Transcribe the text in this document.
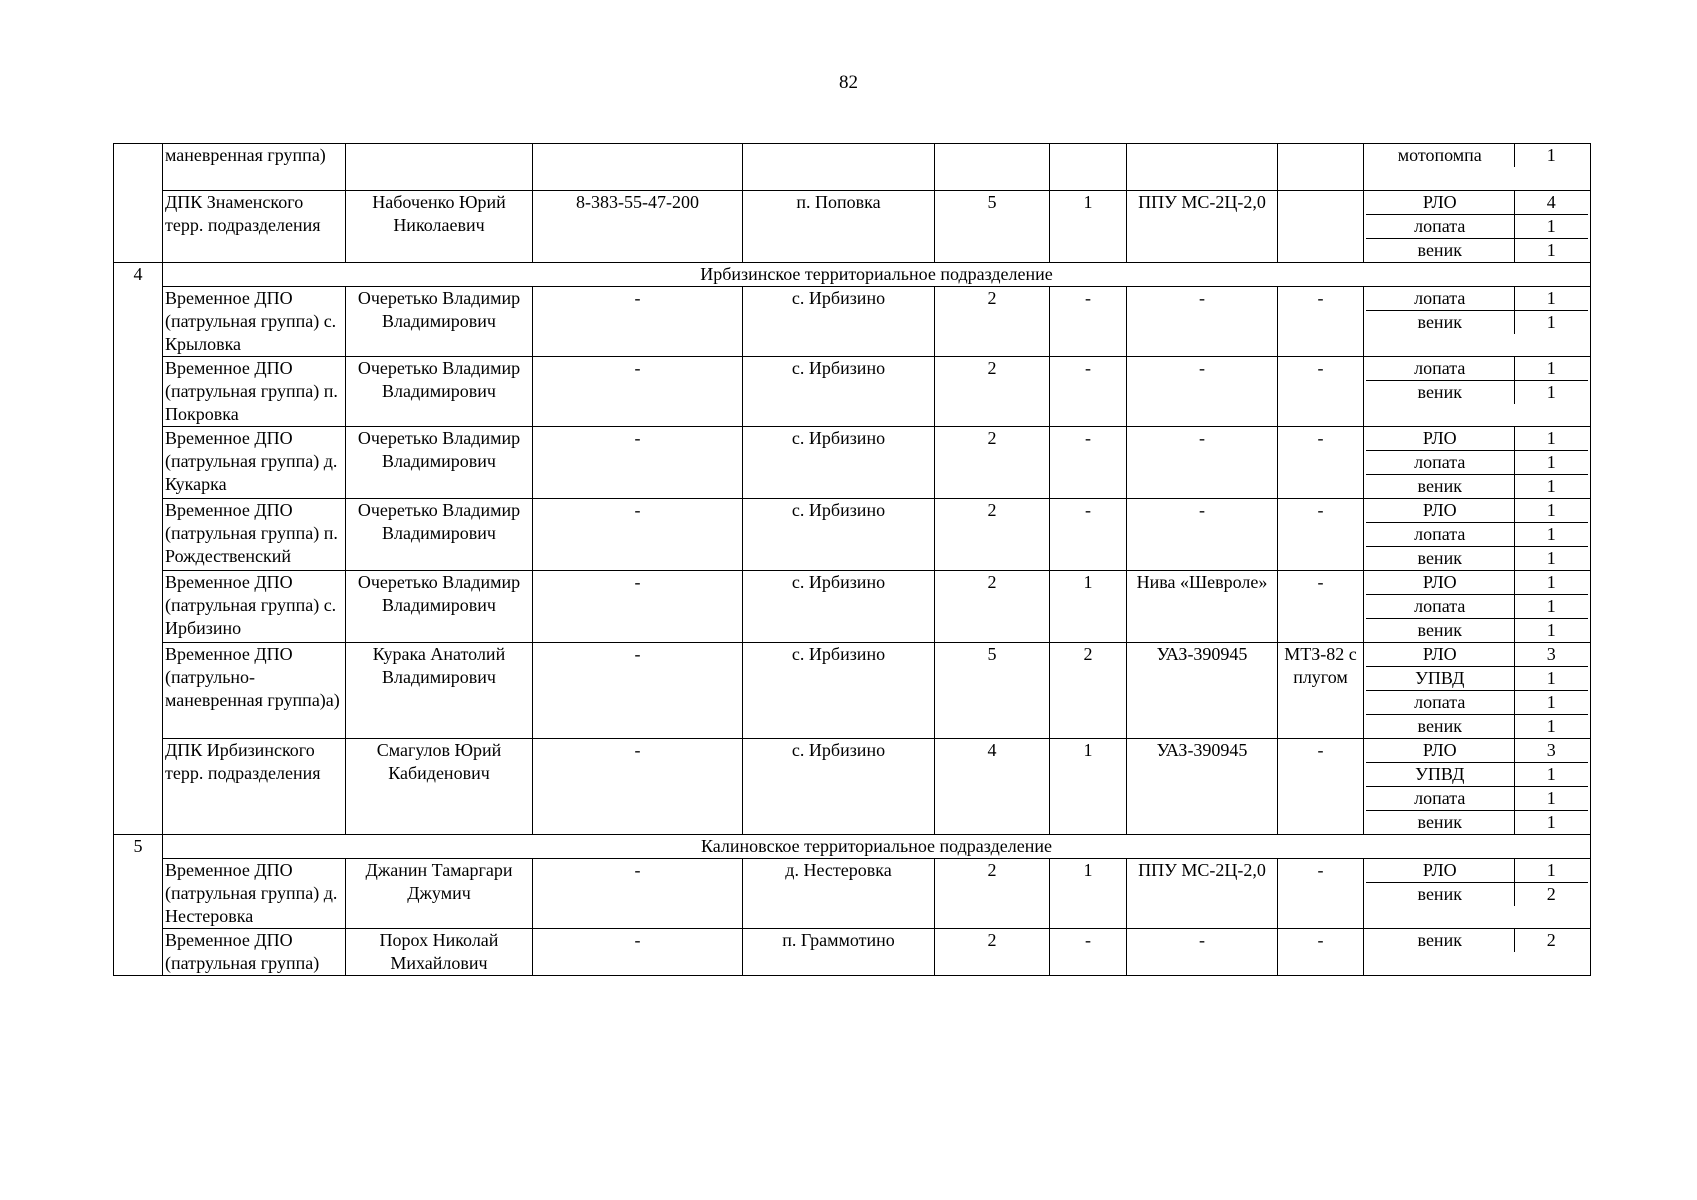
82
	маневренная группа)									мотопомпа	1

ДПК Знаменского терр. подразделения	Набоченко Юрий Николаевич	8-383-55-47-200	п. Поповка	5	1	ППУ МС-2Ц-2,0			РЛО	4
лопата	1
веник	1

4	Ирбизинское территориальное подразделение
Временное ДПО (патрульная группа) с. Крыловка	Очеретько Владимир Владимирович	-	с. Ирбизино	2	-	-	-		лопата	1
веник	1

Временное ДПО (патрульная группа) п. Покровка	Очеретько Владимир Владимирович	-	с. Ирбизино	2	-	-	-		лопата	1
веник	1

Временное ДПО (патрульная группа) д. Кукарка	Очеретько Владимир Владимирович	-	с. Ирбизино	2	-	-	-		РЛО	1
лопата	1
веник	1

Временное ДПО (патрульная группа) п. Рождественский	Очеретько Владимир Владимирович	-	с. Ирбизино	2	-	-	-		РЛО	1
лопата	1
веник	1

Временное ДПО (патрульная группа) с. Ирбизино	Очеретько Владимир Владимирович	-	с. Ирбизино	2	1	Нива «Шевроле»	-		РЛО	1
лопата	1
веник	1

Временное ДПО (патрульно-маневренная группа)а)	Курака Анатолий Владимирович	-	с. Ирбизино	5	2	УАЗ-390945	МТЗ-82 с плугом	
РЛО	3
УПВД	1
лопата	1
веник	1

ДПК Ирбизинского терр. подразделения	Смагулов Юрий Кабиденович	-	с. Ирбизино	4	1	УАЗ-390945	-		РЛО	3
УПВД	1
лопата	1
веник	1

5	Калиновское территориальное подразделение
Временное ДПО (патрульная группа) д. Нестеровка	Джанин Тамаргари Джумич	-	д. Нестеровка	2	1	ППУ МС-2Ц-2,0	-		РЛО	1
веник	2

Временное ДПО (патрульная группа)	Порох Николай Михайлович	-	п. Граммотино	2	-	-	-		веник	2
